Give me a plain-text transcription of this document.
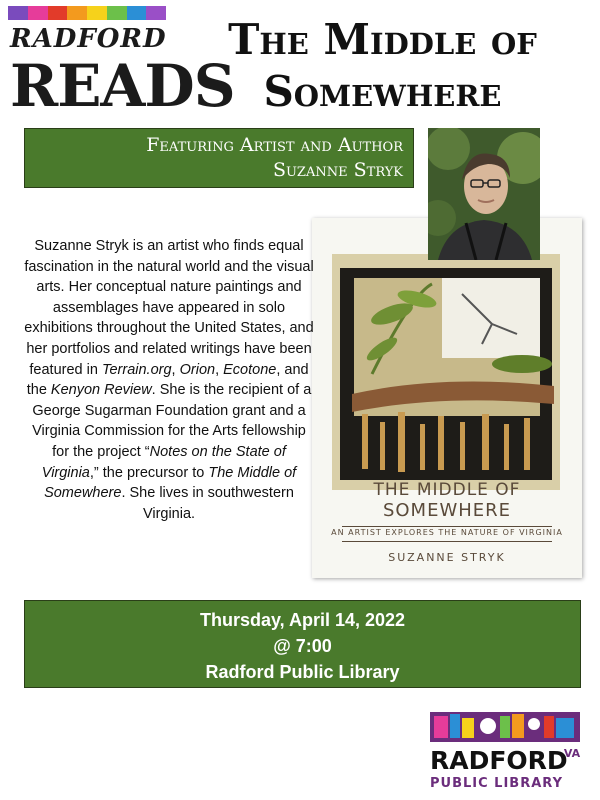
RADFORD
READS
The Middle of
Somewhere
Featuring Artist and Author
Suzanne Stryk
THE MIDDLE OF
SOMEWHERE
AN ARTIST EXPLORES THE NATURE OF VIRGINIA
SUZANNE STRYK
Suzanne Stryk is an artist who finds equal fascination in the natural world and the visual arts. Her conceptual nature paintings and assemblages have appeared in solo exhibitions throughout the United States, and her portfolios and related writings have been featured in Terrain.org, Orion, Ecotone, and the Kenyon Review. She is the recipient of a George Sugarman Foundation grant and a Virginia Commission for the Arts fellowship for the project “Notes on the State of Virginia,” the precursor to The Middle of Somewhere. She lives in southwestern Virginia.
Thursday, April 14, 2022
@ 7:00
Radford Public Library
RADFORD
VA
PUBLIC LIBRARY
